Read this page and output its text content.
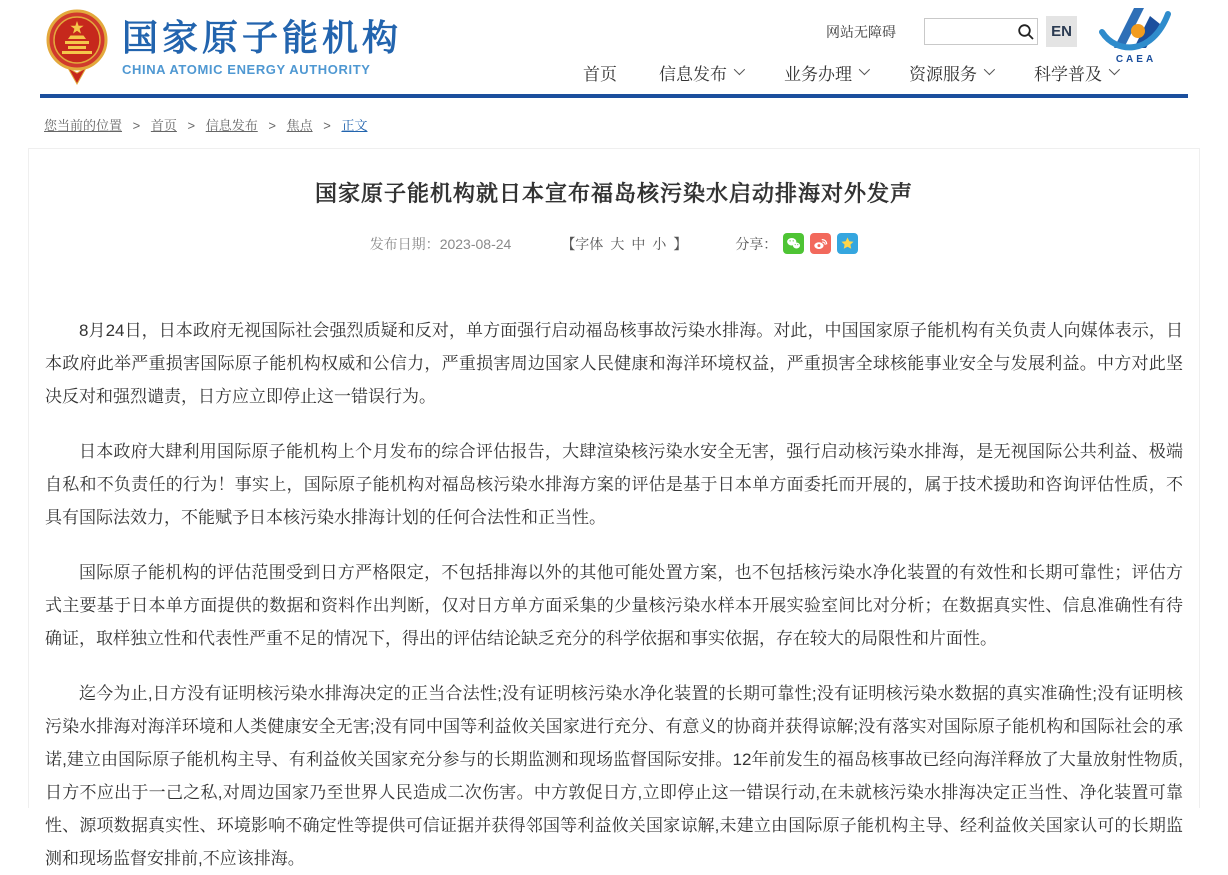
国家原子能机构
CHINA ATOMIC ENERGY AUTHORITY
网站无障碍	EN
CAEA
首页 信息发布	业务办理	资源服务	科学普及
您当前的位置 > 首页 > 信息发布 > 焦点 > 正文
国家原子能机构就日本宣布福岛核污染水启动排海对外发声
发布日期：2023-08-24	【字体 大 中 小 】	分享：

8月24日，日本政府无视国际社会强烈质疑和反对，单方面强行启动福岛核事故污染水排海。对此，中国国家原子能机构有关负责人向媒体表示，日本政府此举严重损害国际原子能机构权威和公信力，严重损害周边国家人民健康和海洋环境权益，严重损害全球核能事业安全与发展利益。中方对此坚决反对和强烈谴责，日方应立即停止这一错误行为。

日本政府大肆利用国际原子能机构上个月发布的综合评估报告，大肆渲染核污染水安全无害，强行启动核污染水排海，是无视国际公共利益、极端自私和不负责任的行为！事实上，国际原子能机构对福岛核污染水排海方案的评估是基于日本单方面委托而开展的，属于技术援助和咨询评估性质，不具有国际法效力，不能赋予日本核污染水排海计划的任何合法性和正当性。

国际原子能机构的评估范围受到日方严格限定，不包括排海以外的其他可能处置方案，也不包括核污染水净化装置的有效性和长期可靠性；评估方式主要基于日本单方面提供的数据和资料作出判断，仅对日方单方面采集的少量核污染水样本开展实验室间比对分析；在数据真实性、信息准确性有待确证，取样独立性和代表性严重不足的情况下，得出的评估结论缺乏充分的科学依据和事实依据，存在较大的局限性和片面性。

迄今为止,日方没有证明核污染水排海决定的正当合法性;没有证明核污染水净化装置的长期可靠性;没有证明核污染水数据的真实准确性;没有证明核污染水排海对海洋环境和人类健康安全无害;没有同中国等利益攸关国家进行充分、有意义的协商并获得谅解;没有落实对国际原子能机构和国际社会的承诺,建立由国际原子能机构主导、有利益攸关国家充分参与的长期监测和现场监督国际安排。12年前发生的福岛核事故已经向海洋释放了大量放射性物质,日方不应出于一己之私,对周边国家乃至世界人民造成二次伤害。中方敦促日方,立即停止这一错误行动,在未就核污染水排海决定正当性、净化装置可靠性、源项数据真实性、环境影响不确定性等提供可信证据并获得邻国等利益攸关国家谅解,未建立由国际原子能机构主导、经利益攸关国家认可的长期监测和现场监督安排前,不应该排海。
